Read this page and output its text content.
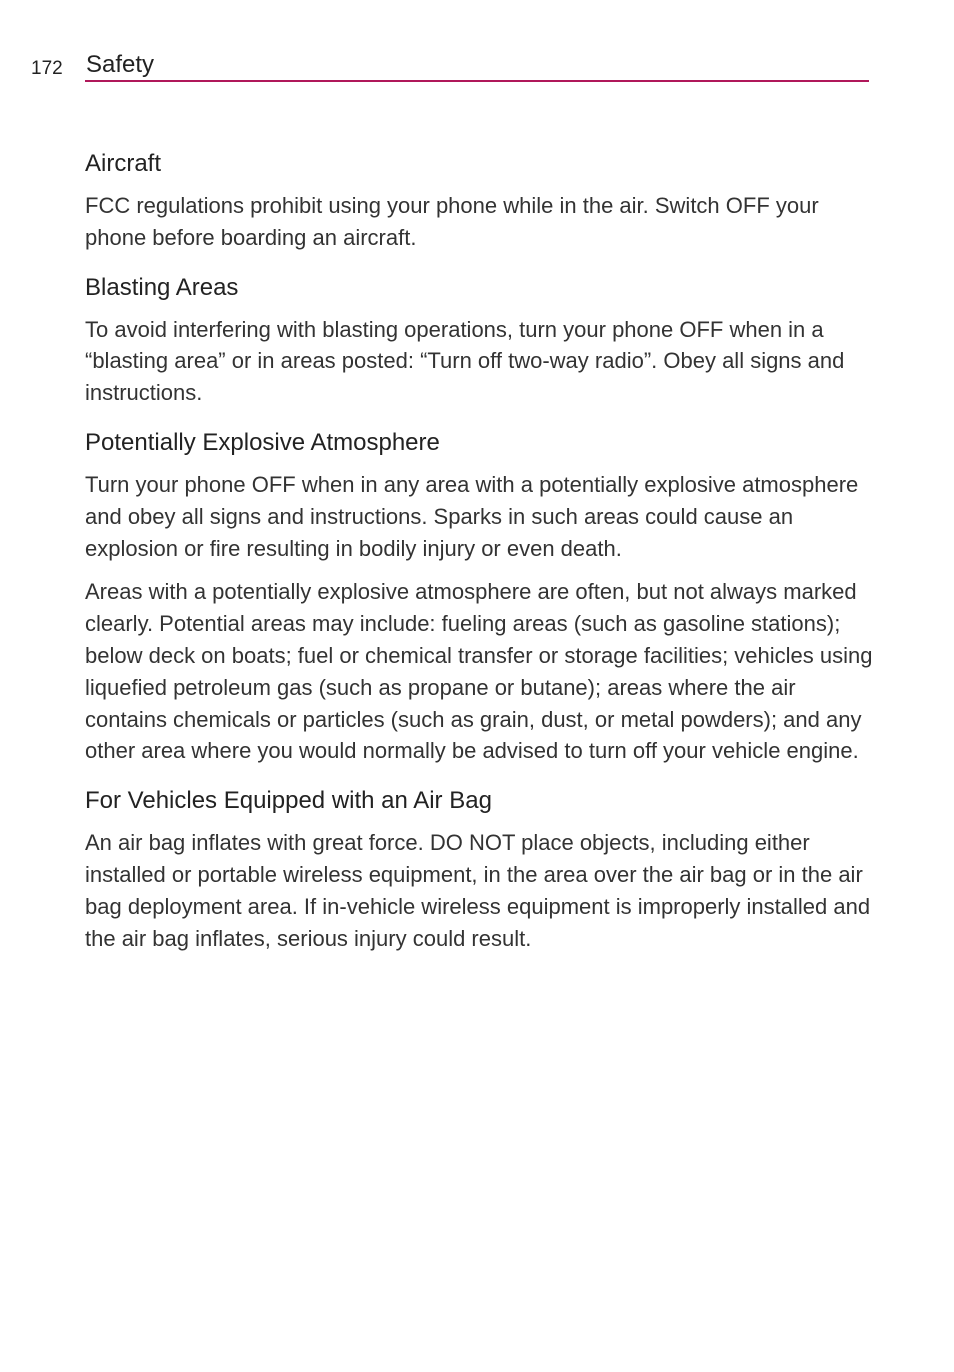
172 Safety
Aircraft

FCC regulations prohibit using your phone while in the air. Switch OFF your phone before boarding an aircraft.

Blasting Areas

To avoid interfering with blasting operations, turn your phone OFF when in a “blasting area” or in areas posted: “Turn off two-way radio”. Obey all signs and instructions.

Potentially Explosive Atmosphere

Turn your phone OFF when in any area with a potentially explosive atmosphere and obey all signs and instructions. Sparks in such areas could cause an explosion or fire resulting in bodily injury or even death.

Areas with a potentially explosive atmosphere are often, but not always marked clearly. Potential areas may include: fueling areas (such as gasoline stations); below deck on boats; fuel or chemical transfer or storage facilities; vehicles using liquefied petroleum gas (such as propane or butane); areas where the air contains chemicals or particles (such as grain, dust, or metal powders); and any other area where you would normally be advised to turn off your vehicle engine.

For Vehicles Equipped with an Air Bag

An air bag inflates with great force. DO NOT place objects, including either installed or portable wireless equipment, in the area over the air bag or in the air bag deployment area. If in-vehicle wireless equipment is improperly installed and the air bag inflates, serious injury could result.
